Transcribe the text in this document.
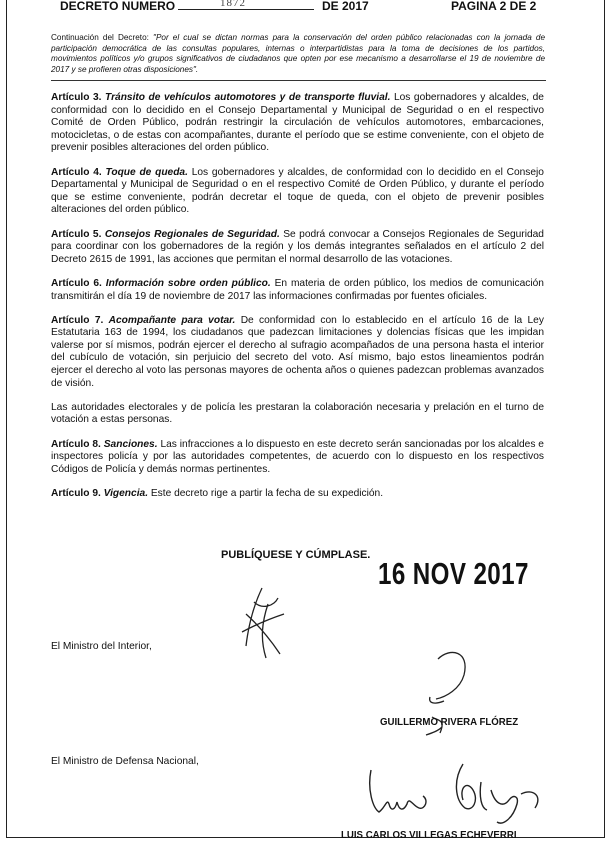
DECRETO NUMERO	1872	DE 2017	PAGINA 2 DE 2
Continuación del Decreto: "Por el cual se dictan normas para la conservación del orden público relacionadas con la jornada de participación democrática de las consultas populares, internas o interpartidistas para la toma de decisiones de los partidos, movimientos políticos y/o grupos significativos de ciudadanos que opten por ese mecanismo a desarrollarse el 19 de noviembre de 2017 y se profieren otras disposiciones".

Artículo 3. Tránsito de vehículos automotores y de transporte fluvial. Los gobernadores y alcaldes, de conformidad con lo decidido en el Consejo Departamental y Municipal de Seguridad o en el respectivo Comité de Orden Público, podrán restringir la circulación de vehículos automotores, embarcaciones, motocicletas, o de estas con acompañantes, durante el período que se estime conveniente, con el objeto de prevenir posibles alteraciones del orden público.

Artículo 4. Toque de queda. Los gobernadores y alcaldes, de conformidad con lo decidido en el Consejo Departamental y Municipal de Seguridad o en el respectivo Comité de Orden Público, y durante el período que se estime conveniente, podrán decretar el toque de queda, con el objeto de prevenir posibles alteraciones del orden público.

Artículo 5. Consejos Regionales de Seguridad. Se podrá convocar a Consejos Regionales de Seguridad para coordinar con los gobernadores de la región y los demás integrantes señalados en el artículo 2 del Decreto 2615 de 1991, las acciones que permitan el normal desarrollo de las votaciones.

Artículo 6. Información sobre orden público. En materia de orden público, los medios de comunicación transmitirán el día 19 de noviembre de 2017 las informaciones confirmadas por fuentes oficiales.

Artículo 7. Acompañante para votar. De conformidad con lo establecido en el artículo 16 de la Ley Estatutaria 163 de 1994, los ciudadanos que padezcan limitaciones y dolencias físicas que les impidan valerse por sí mismos, podrán ejercer el derecho al sufragio acompañados de una persona hasta el interior del cubículo de votación, sin perjuicio del secreto del voto. Así mismo, bajo estos lineamientos podrán ejercer el derecho al voto las personas mayores de ochenta años o quienes padezcan problemas avanzados de visión.

Las autoridades electorales y de policía les prestaran la colaboración necesaria y prelación en el turno de votación a estas personas.

Artículo 8. Sanciones. Las infracciones a lo dispuesto en este decreto serán sancionadas por los alcaldes e inspectores policía y por las autoridades competentes, de acuerdo con lo dispuesto en los respectivos Códigos de Policía y demás normas pertinentes.

Artículo 9. Vigencia. Este decreto rige a partir la fecha de su expedición.

PUBLÍQUESE Y CÚMPLASE.
16 NOV 2017
El Ministro del Interior,
GUILLERMO RIVERA FLÓREZ
El Ministro de Defensa Nacional,
LUIS CARLOS VILLEGAS ECHEVERRI
